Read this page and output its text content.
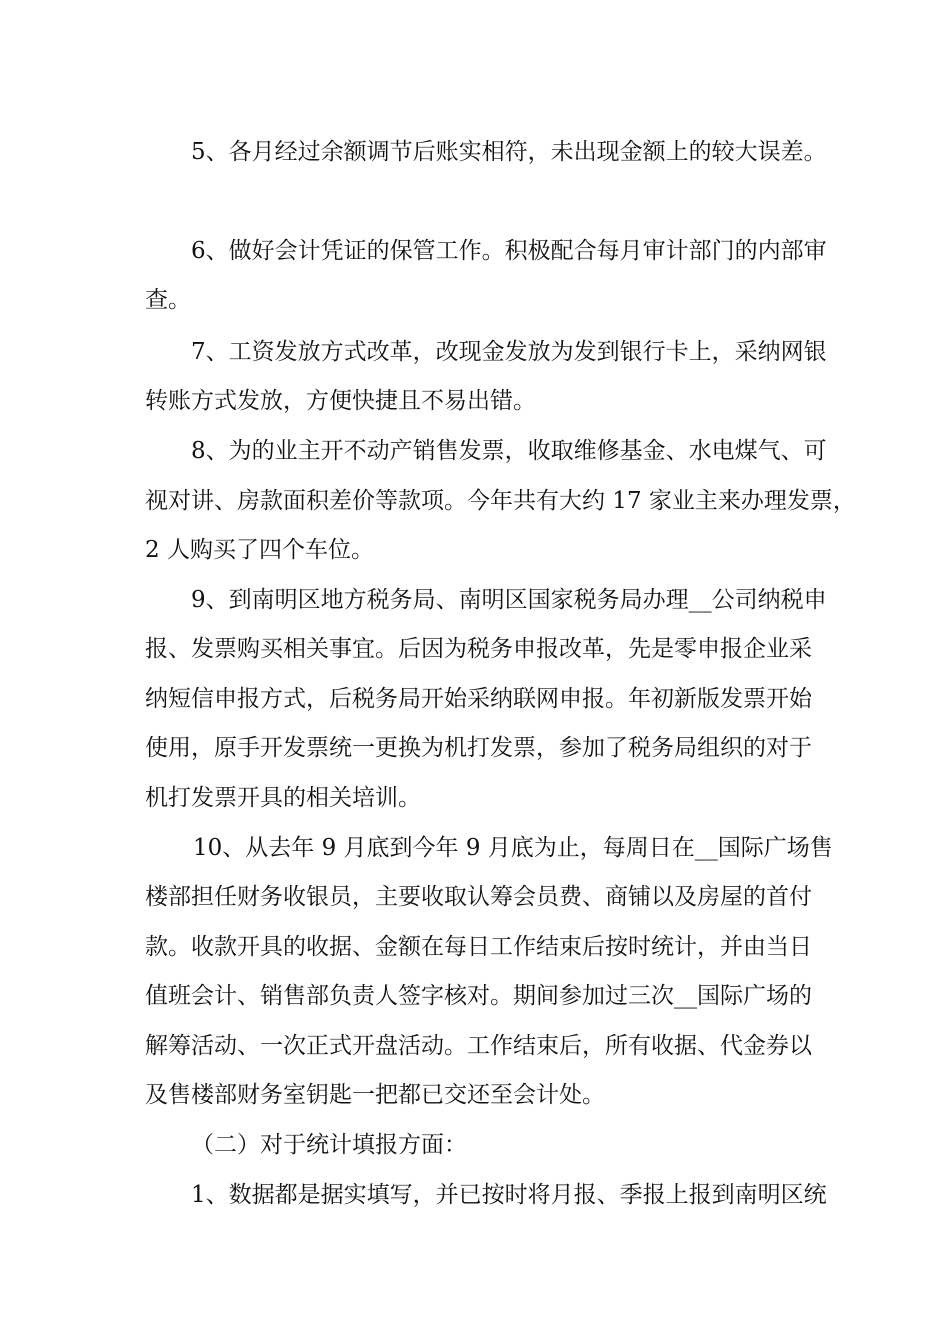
5、各月经过余额调节后账实相符，未出现金额上的较大误差。

6、做好会计凭证的保管工作。积极配合每月审计部门的内部审

查。

7、工资发放方式改革，改现金发放为发到银行卡上，采纳网银

转账方式发放，方便快捷且不易出错。

8、为的业主开不动产销售发票，收取维修基金、水电煤气、可

视对讲、房款面积差价等款项。今年共有大约 17 家业主来办理发票，

2 人购买了四个车位。

9、到南明区地方税务局、南明区国家税务局办理__公司纳税申

报、发票购买相关事宜。后因为税务申报改革，先是零申报企业采

纳短信申报方式，后税务局开始采纳联网申报。年初新版发票开始

使用，原手开发票统一更换为机打发票，参加了税务局组织的对于

机打发票开具的相关培训。

10、从去年 9 月底到今年 9 月底为止，每周日在__国际广场售

楼部担任财务收银员，主要收取认筹会员费、商铺以及房屋的首付

款。收款开具的收据、金额在每日工作结束后按时统计，并由当日

值班会计、销售部负责人签字核对。期间参加过三次__国际广场的

解筹活动、一次正式开盘活动。工作结束后，所有收据、代金券以

及售楼部财务室钥匙一把都已交还至会计处。

（二）对于统计填报方面：

1、数据都是据实填写，并已按时将月报、季报上报到南明区统
